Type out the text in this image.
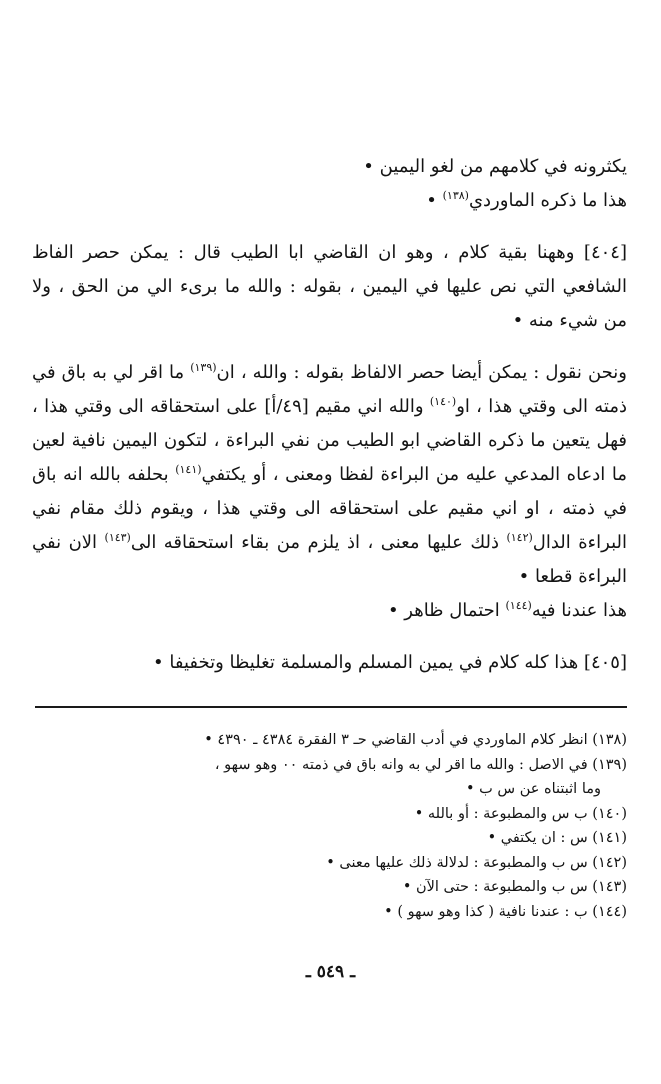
يكثرونه في كلامهم من لغو اليمين •

هذا ما ذكره الماوردي$^{(١٣٨)}$ •

[٤٠٤] وههنا بقية كلام ، وهو ان القاضي ابا الطيب قال : يمكن حصر الفاظ الشافعي التي نص عليها في اليمين ، بقوله : والله ما برىء الي من الحق ، ولا من شيء منه •

ونحن نقول : يمكن أيضا حصر الالفاظ بقوله : والله ، ان$^{(١٣٩)}$ ما اقر لي به باق في ذمته الى وقتي هذا ، او$^{(١٤٠)}$ والله اني مقيم [٤٩/أ] على استحقاقه الى وقتي هذا ، فهل يتعين ما ذكره القاضي ابو الطيب من نفي البراءة ، لتكون اليمين نافية لعين ما ادعاه المدعي عليه من البراءة لفظا ومعنى ، أو يكتفي$^{(١٤١)}$ بحلفه بالله انه باق في ذمته ، او اني مقيم على استحقاقه الى وقتي هذا ، ويقوم ذلك مقام نفي البراءة الدال$^{(١٤٢)}$ ذلك عليها معنى ، اذ يلزم من بقاء استحقاقه الى$^{(١٤٣)}$ الان نفي البراءة قطعا •

هذا عندنا فيه$^{(١٤٤)}$ احتمال ظاهر •

[٤٠٥] هذا كله كلام في يمين المسلم والمسلمة تغليظا وتخفيفا •

(١٣٨) انظر كلام الماوردي في أدب القاضي حـ ٣ الفقرة ٤٣٨٤ ـ ٤٣٩٠ •

(١٣٩) في الاصل : والله ما اقر لي به وانه باق في ذمته ٠٠ وهو سهو ،

وما اثبتناه عن س ب •

(١٤٠) ب س والمطبوعة : أو بالله •

(١٤١) س : ان يكتفي •

(١٤٢) س ب والمطبوعة : لدلالة ذلك عليها معنى •

(١٤٣) س ب والمطبوعة : حتى الآن •

(١٤٤) ب : عندنا نافية ( كذا وهو سهو ) •

ـ ٥٤٩ ـ
